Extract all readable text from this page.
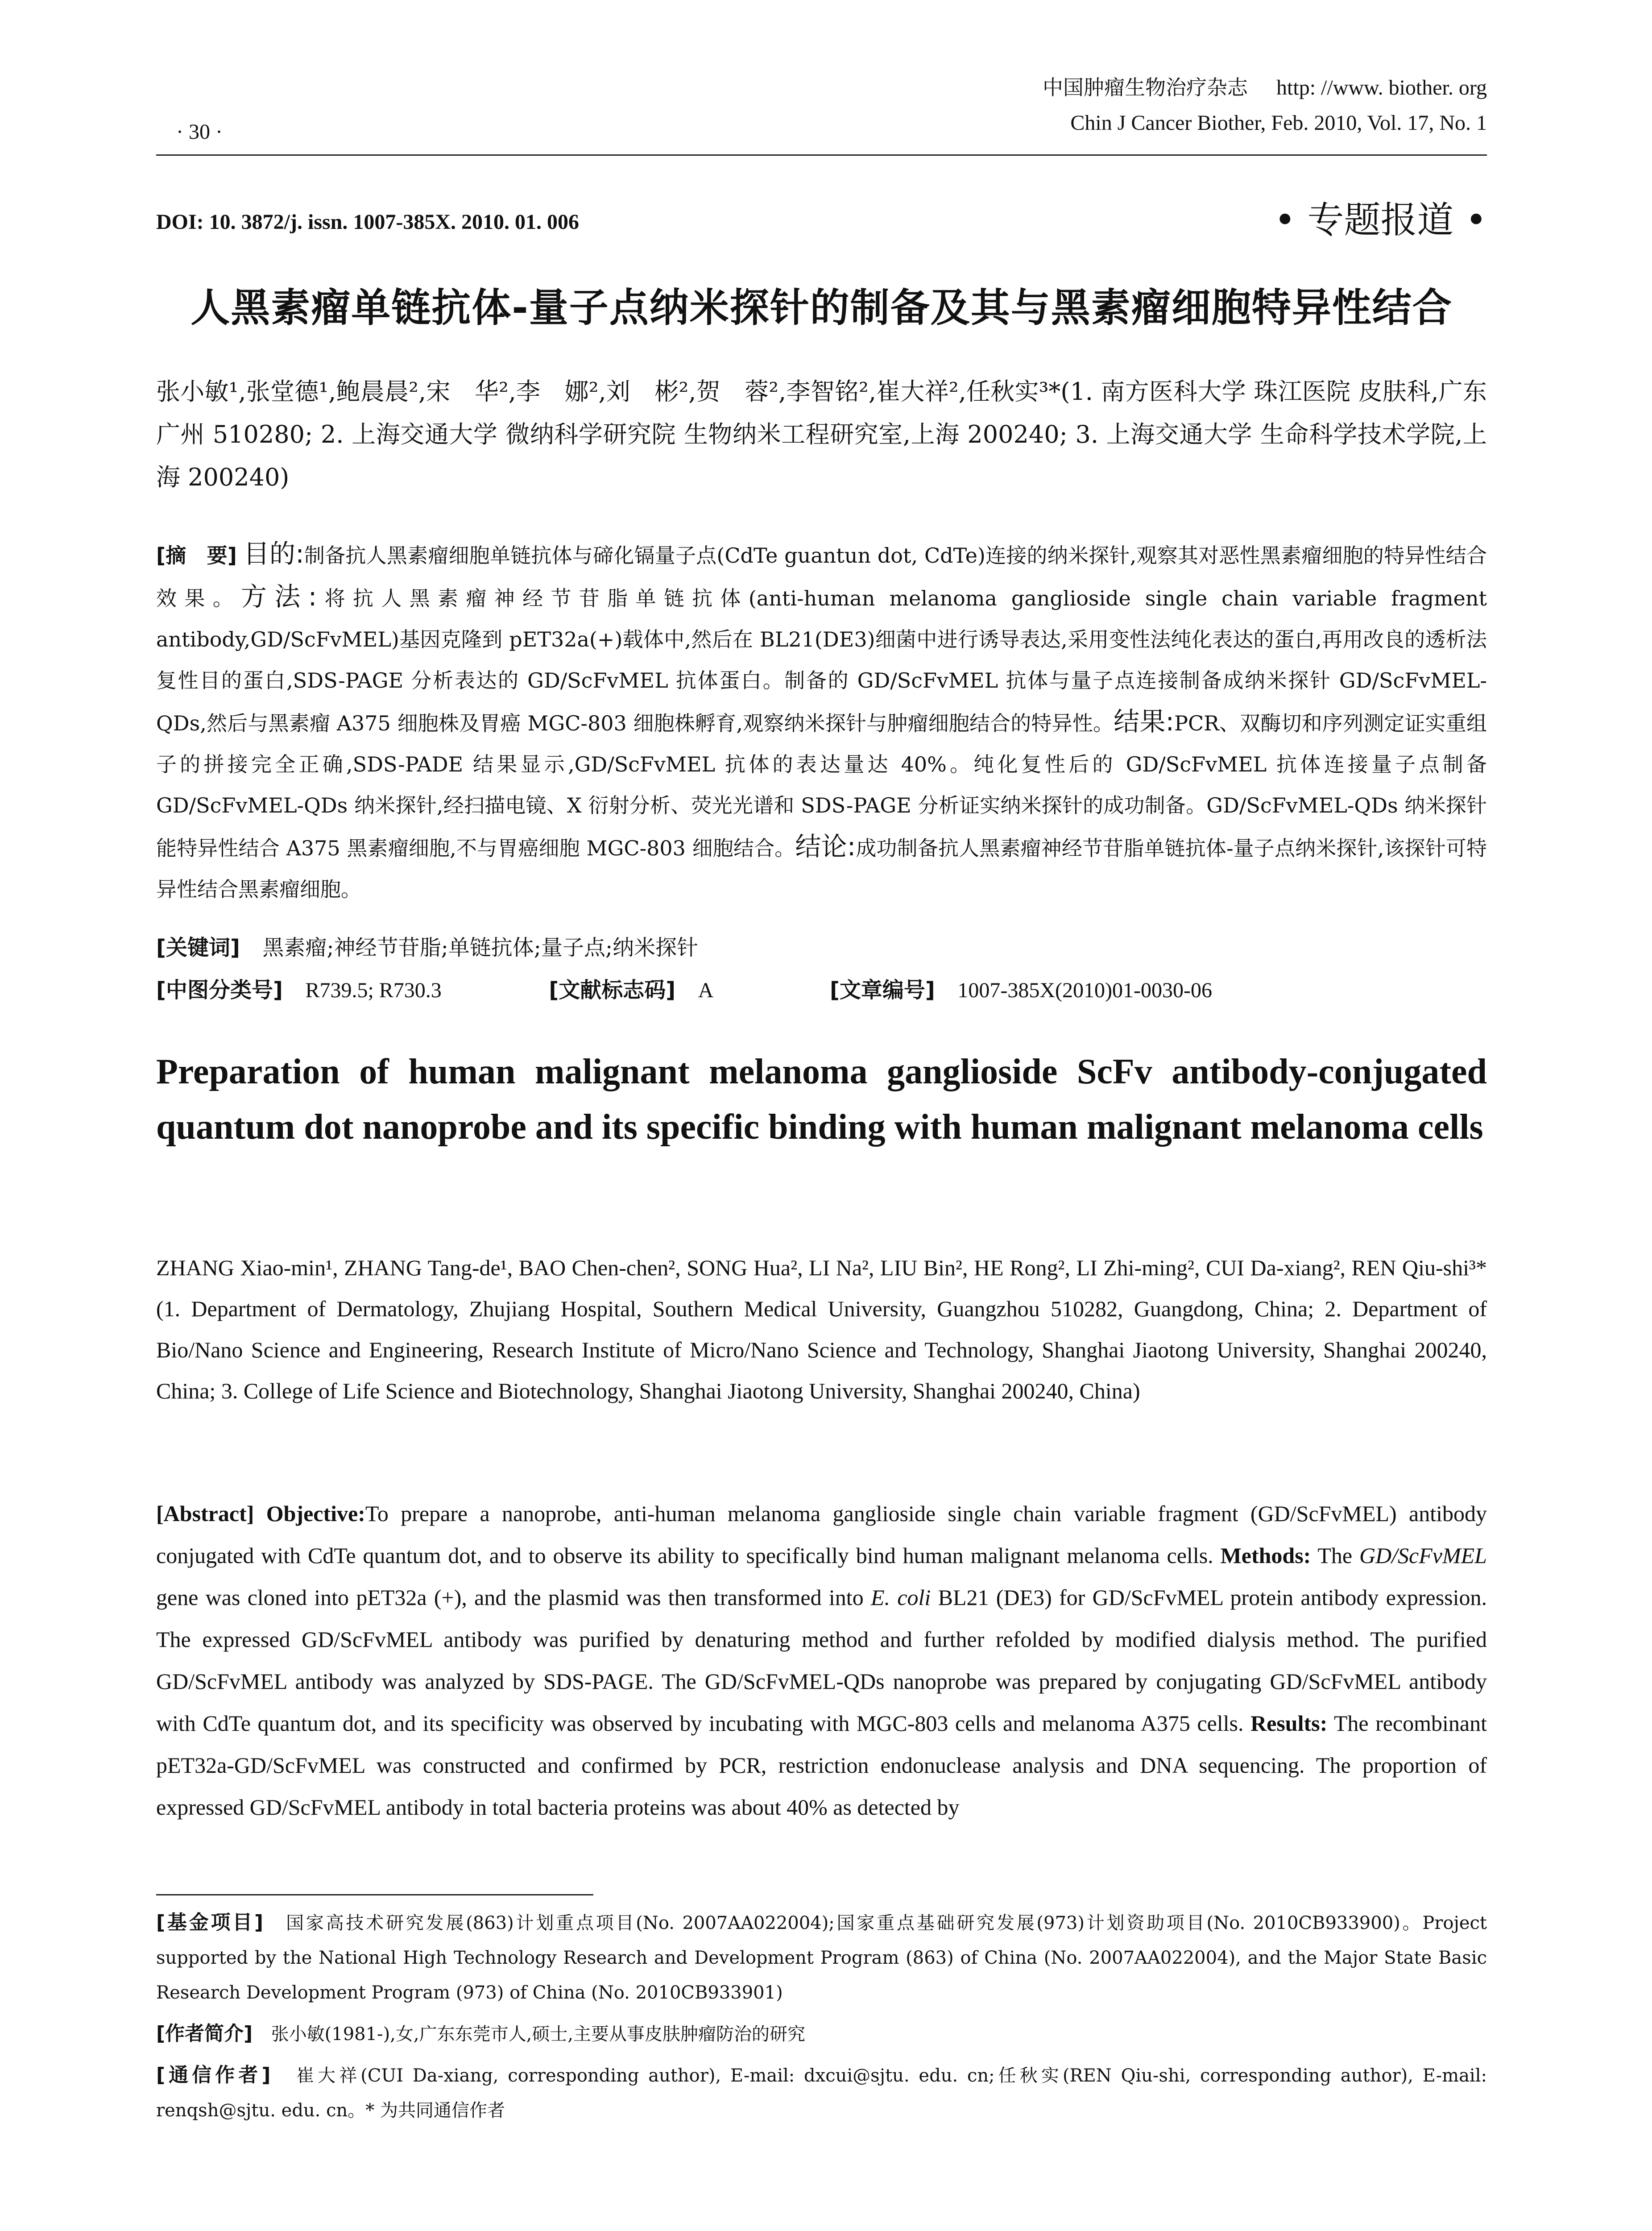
中国肿瘤生物治疗杂志 http: //www. biother. org
Chin J Cancer Biother, Feb. 2010, Vol. 17, No. 1
· 30 ·
DOI: 10. 3872/j. issn. 1007-385X. 2010. 01. 006	• 专题报道 •
人黑素瘤单链抗体-量子点纳米探针的制备及其与黑素瘤细胞特异性结合
张小敏¹,张堂德¹,鲍晨晨²,宋　华²,李　娜²,刘　彬²,贺　蓉²,李智铭²,崔大祥²,任秋实³*(1. 南方医科大学 珠江医院 皮肤科,广东 广州 510280; 2. 上海交通大学 微纳科学研究院 生物纳米工程研究室,上海 200240; 3. 上海交通大学 生命科学技术学院,上海 200240)
[摘　要] 目的:制备抗人黑素瘤细胞单链抗体与碲化镉量子点(CdTe guantun dot, CdTe)连接的纳米探针,观察其对恶性黑素瘤细胞的特异性结合效果。方法:将抗人黑素瘤神经节苷脂单链抗体(anti-human melanoma ganglioside single chain variable fragment antibody,GD/ScFvMEL)基因克隆到 pET32a(+)载体中,然后在 BL21(DE3)细菌中进行诱导表达,采用变性法纯化表达的蛋白,再用改良的透析法复性目的蛋白,SDS-PAGE 分析表达的 GD/ScFvMEL 抗体蛋白。制备的 GD/ScFvMEL 抗体与量子点连接制备成纳米探针 GD/ScFvMEL-QDs,然后与黑素瘤 A375 细胞株及胃癌 MGC-803 细胞株孵育,观察纳米探针与肿瘤细胞结合的特异性。结果:PCR、双酶切和序列测定证实重组子的拼接完全正确,SDS-PADE 结果显示,GD/ScFvMEL 抗体的表达量达 40%。纯化复性后的 GD/ScFvMEL 抗体连接量子点制备 GD/ScFvMEL-QDs 纳米探针,经扫描电镜、X 衍射分析、荧光光谱和 SDS-PAGE 分析证实纳米探针的成功制备。GD/ScFvMEL-QDs 纳米探针能特异性结合 A375 黑素瘤细胞,不与胃癌细胞 MGC-803 细胞结合。结论:成功制备抗人黑素瘤神经节苷脂单链抗体-量子点纳米探针,该探针可特异性结合黑素瘤细胞。
[关键词] 黑素瘤;神经节苷脂;单链抗体;量子点;纳米探针
[中图分类号] R739.5; R730.3	[文献标志码] A	[文章编号] 1007-385X(2010)01-0030-06
Preparation of human malignant melanoma ganglioside ScFv antibody-conjugated quantum dot nanoprobe and its specific binding with human malignant melanoma cells
ZHANG Xiao-min¹, ZHANG Tang-de¹, BAO Chen-chen², SONG Hua², LI Na², LIU Bin², HE Rong², LI Zhi-ming², CUI Da-xiang², REN Qiu-shi³*(1. Department of Dermatology, Zhujiang Hospital, Southern Medical University, Guangzhou 510282, Guangdong, China; 2. Department of Bio/Nano Science and Engineering, Research Institute of Micro/Nano Science and Technology, Shanghai Jiaotong University, Shanghai 200240, China; 3. College of Life Science and Biotechnology, Shanghai Jiaotong University, Shanghai 200240, China)
[Abstract] Objective:To prepare a nanoprobe, anti-human melanoma ganglioside single chain variable fragment (GD/ScFvMEL) antibody conjugated with CdTe quantum dot, and to observe its ability to specifically bind human malignant melanoma cells. Methods: The GD/ScFvMEL gene was cloned into pET32a (+), and the plasmid was then transformed into E. coli BL21 (DE3) for GD/ScFvMEL protein antibody expression. The expressed GD/ScFvMEL antibody was purified by denaturing method and further refolded by modified dialysis method. The purified GD/ScFvMEL antibody was analyzed by SDS-PAGE. The GD/ScFvMEL-QDs nanoprobe was prepared by conjugating GD/ScFvMEL antibody with CdTe quantum dot, and its specificity was observed by incubating with MGC-803 cells and melanoma A375 cells. Results: The recombinant pET32a-GD/ScFvMEL was constructed and confirmed by PCR, restriction endonuclease analysis and DNA sequencing. The proportion of expressed GD/ScFvMEL antibody in total bacteria proteins was about 40% as detected by

[基金项目] 国家高技术研究发展(863)计划重点项目(No. 2007AA022004);国家重点基础研究发展(973)计划资助项目(No. 2010CB933900)。Project supported by the National High Technology Research and Development Program (863) of China (No. 2007AA022004), and the Major State Basic Research Development Program (973) of China (No. 2010CB933901)

[作者简介] 张小敏(1981-),女,广东东莞市人,硕士,主要从事皮肤肿瘤防治的研究

[通信作者] 崔大祥(CUI Da-xiang, corresponding author), E-mail: dxcui@sjtu. edu. cn;任秋实(REN Qiu-shi, corresponding author), E-mail: renqsh@sjtu. edu. cn。* 为共同通信作者
